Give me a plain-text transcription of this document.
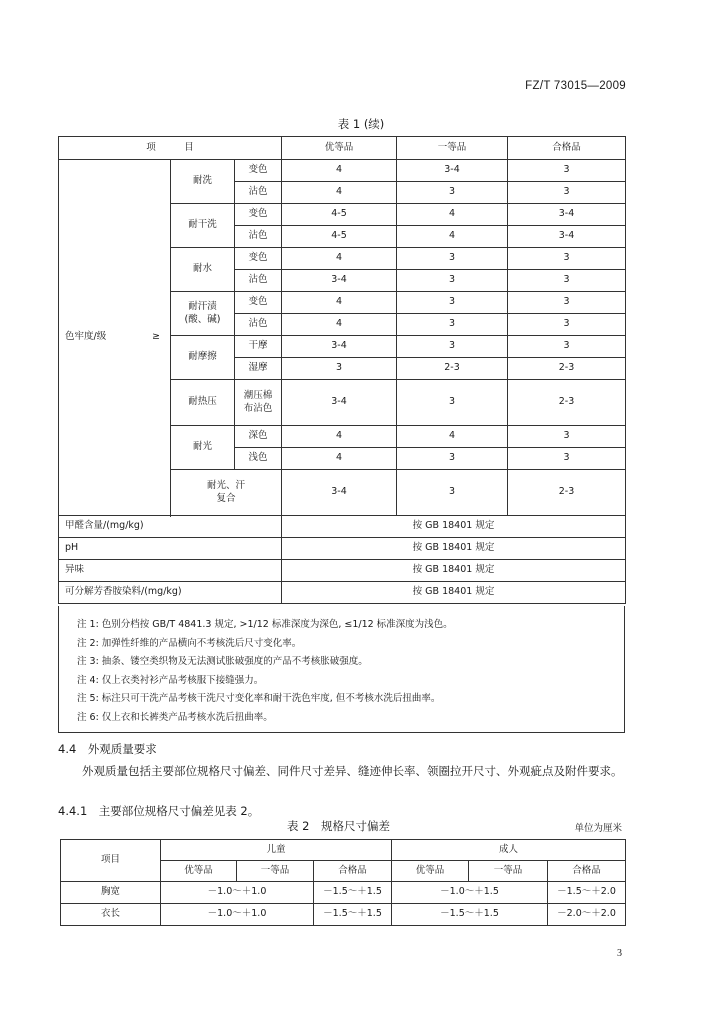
FZ/T 73015—2009
表 1 (续)
项　　　目			优等品	一等品	合格品
色牢度/级 ≥	耐洗	变色	4	3-4	3
		沾色	4	3	3
	耐干洗	变色	4-5	4	3-4
		沾色	4-5	4	3-4
	耐水	变色	4	3	3
		沾色	3-4	3	3
	耐汗渍
(酸、碱)	变色	4	3	3
		沾色	4	3	3
	耐摩擦	干摩	3-4	3	3
		湿摩	3	2-3	2-3
	耐热压	潮压棉
布沾色	3-4	3	2-3
	耐光	深色	4	4	3
		浅色	4	3	3
	耐光、汗
复合		3-4	3	2-3

甲醛含量/(mg/kg)			按 GB 18401 规定		
pH			按 GB 18401 规定		
异味			按 GB 18401 规定		
可分解芳香胺染料/(mg/kg)			按 GB 18401 规定		
注 1: 色别分档按 GB/T 4841.3 规定, >1/12 标准深度为深色, ≤1/12 标准深度为浅色。
注 2: 加弹性纤维的产品横向不考核洗后尺寸变化率。
注 3: 抽条、镂空类织物及无法测试胀破强度的产品不考核胀破强度。
注 4: 仅上衣类衬衫产品考核服下接缝强力。
注 5: 标注只可干洗产品考核干洗尺寸变化率和耐干洗色牢度, 但不考核水洗后扭曲率。
注 6: 仅上衣和长裤类产品考核水洗后扭曲率。
4.4　外观质量要求
外观质量包括主要部位规格尺寸偏差、同件尺寸差异、缝迹伸长率、领圈拉开尺寸、外观疵点及附件要求。
4.4.1　主要部位规格尺寸偏差见表 2。
表 2　规格尺寸偏差	单位为厘米
项目	儿童			成人		
	优等品	一等品	合格品	优等品	一等品	合格品
胸宽	－1.0～＋1.0		－1.5～＋1.5	－1.0～＋1.5		－1.5～＋2.0
衣长	－1.0～＋1.0		－1.5～＋1.5	－1.5～＋1.5		－2.0～＋2.0
3
